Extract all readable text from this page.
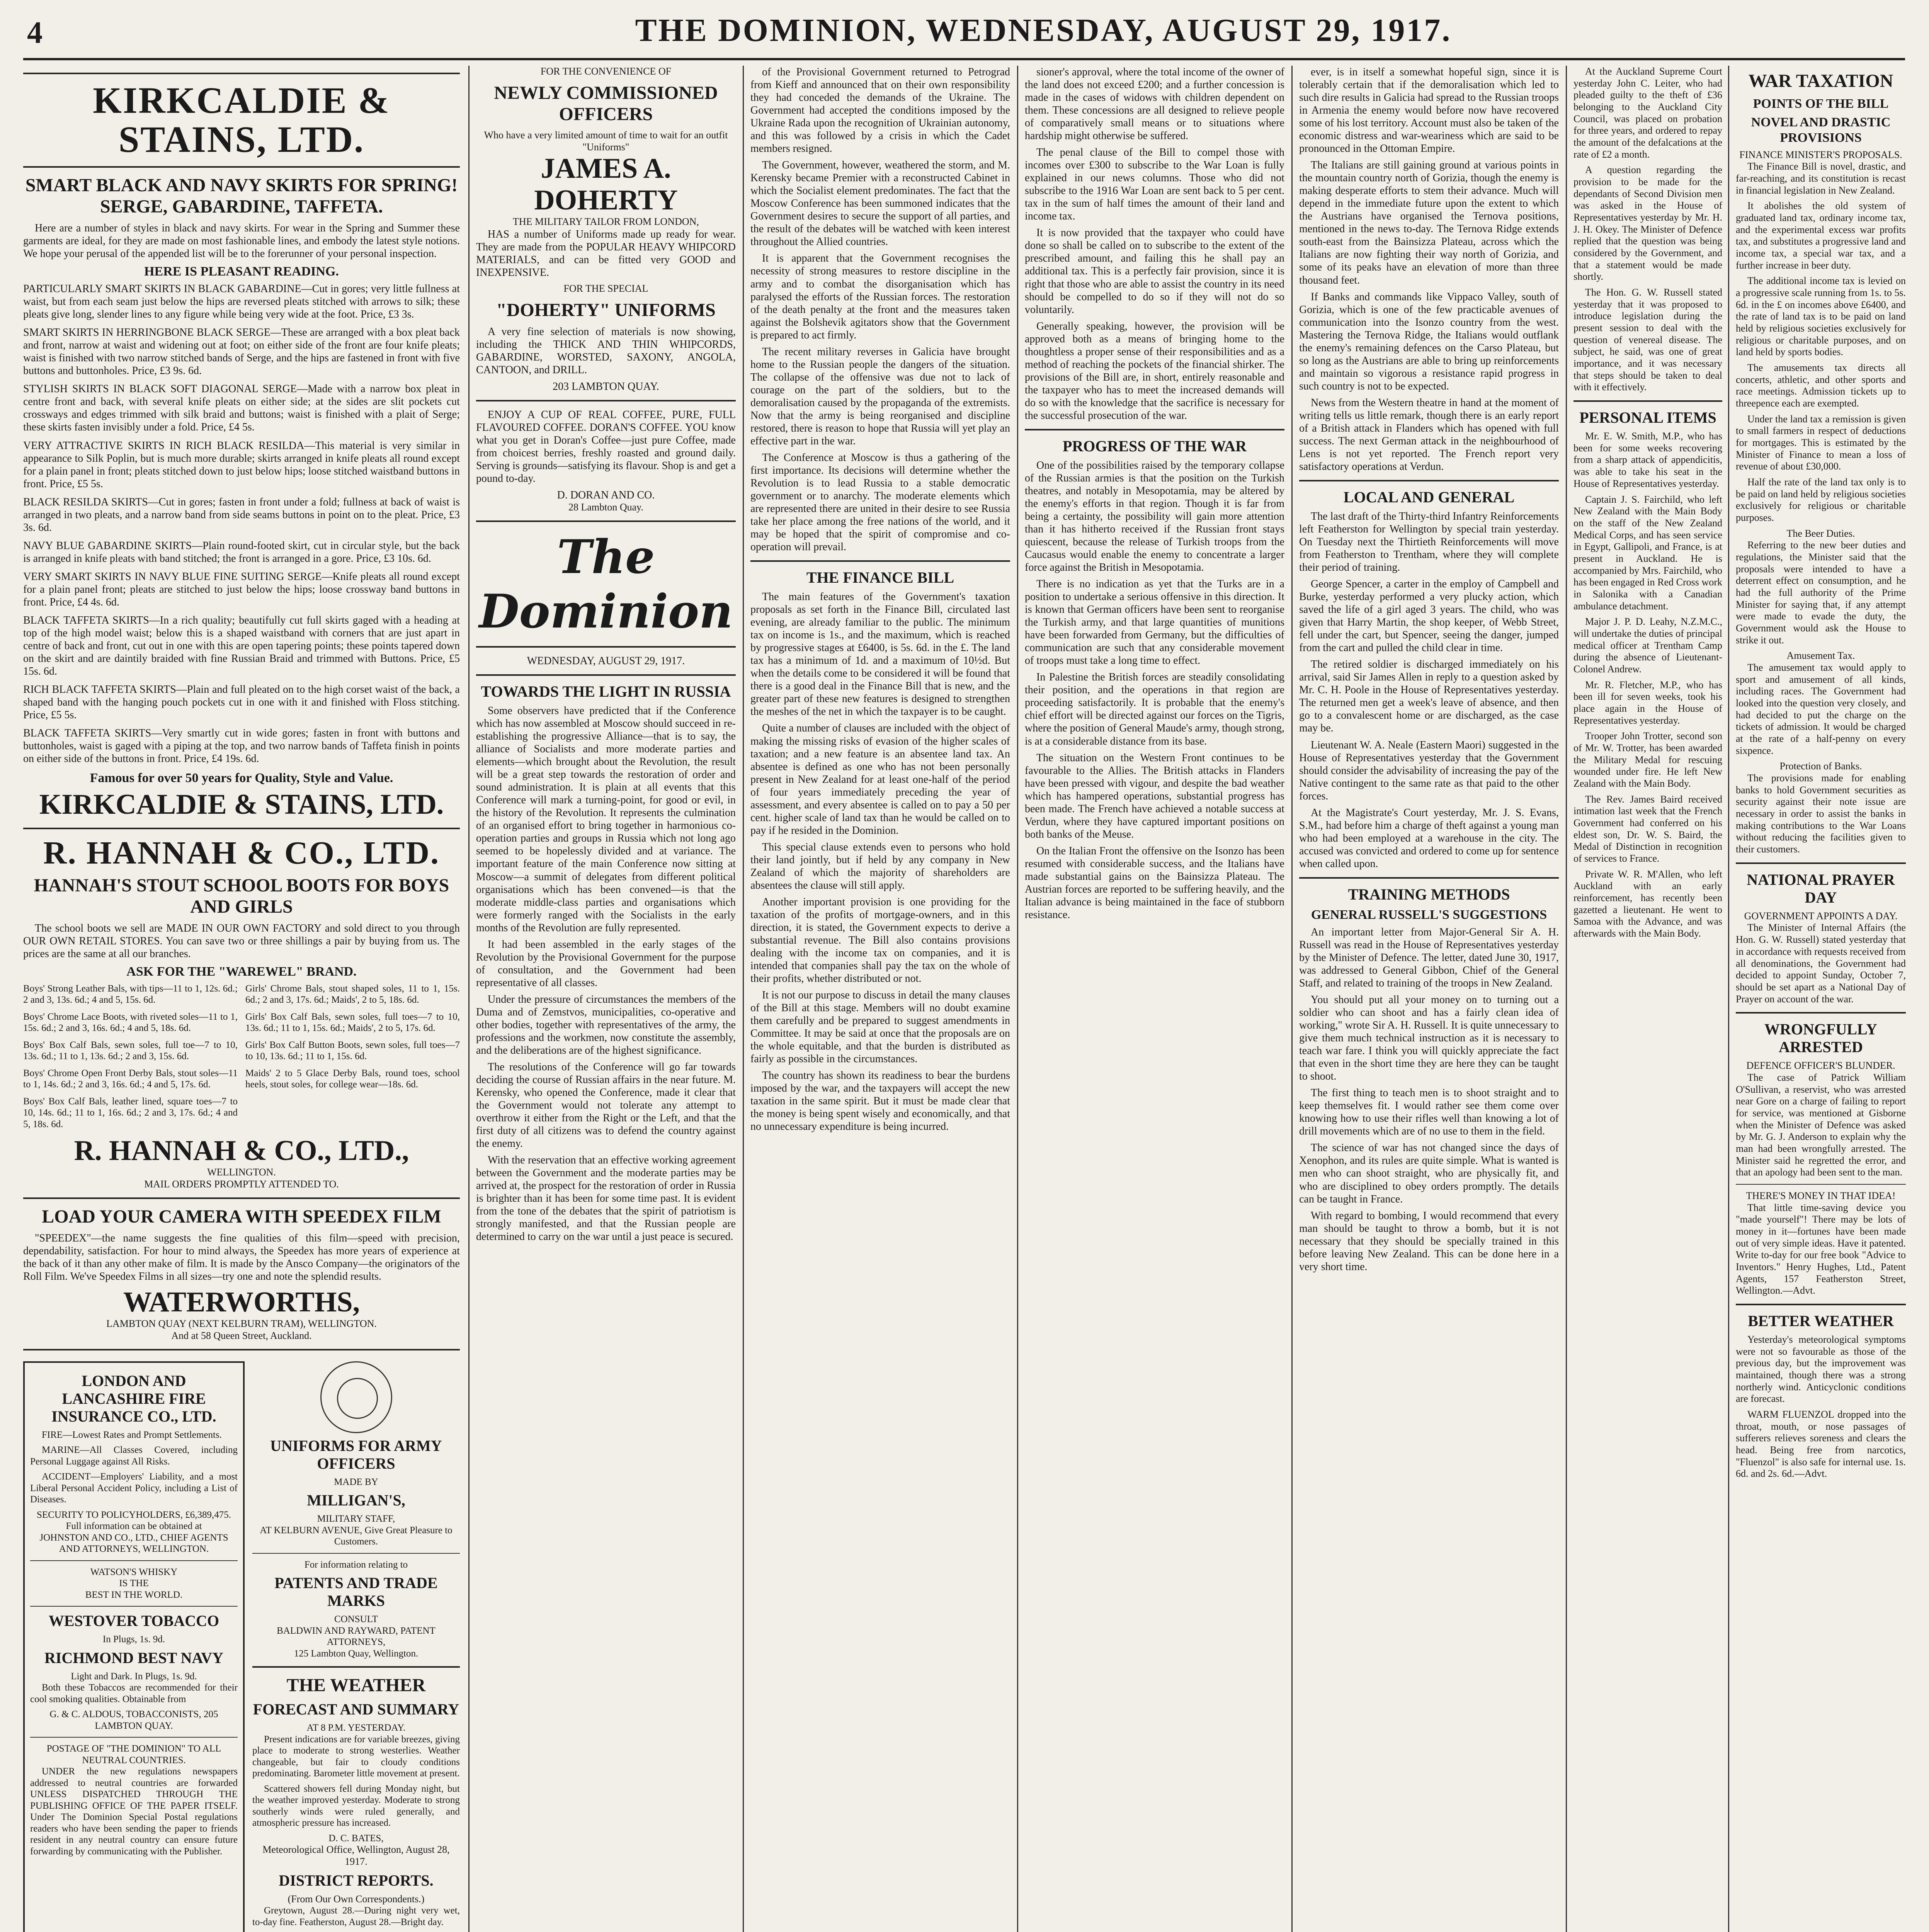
4	THE DOMINION, WEDNESDAY, AUGUST 29, 1917.
KIRKCALDIE & STAINS, LTD.
SMART BLACK AND NAVY SKIRTS FOR SPRING! SERGE, GABARDINE, TAFFETA.

Here are a number of styles in black and navy skirts. For wear in the Spring and Summer these garments are ideal, for they are made on most fashionable lines, and embody the latest style notions. We hope your perusal of the appended list will be to the forerunner of your personal inspection.

HERE IS PLEASANT READING.

PARTICULARLY SMART SKIRTS IN BLACK GABARDINE—Cut in gores; very little fullness at waist, but from each seam just below the hips are reversed pleats stitched with arrows to silk; these pleats give long, slender lines to any figure while being very wide at the foot. Price, £3 3s.

SMART SKIRTS IN HERRINGBONE BLACK SERGE—These are arranged with a box pleat back and front, narrow at waist and widening out at foot; on either side of the front are four knife pleats; waist is finished with two narrow stitched bands of Serge, and the hips are fastened in front with five buttons and buttonholes. Price, £3 9s. 6d.

STYLISH SKIRTS IN BLACK SOFT DIAGONAL SERGE—Made with a narrow box pleat in centre front and back, with several knife pleats on either side; at the sides are slit pockets cut crossways and edges trimmed with silk braid and buttons; waist is finished with a plait of Serge; these skirts fasten invisibly under a fold. Price, £4 5s.

VERY ATTRACTIVE SKIRTS IN RICH BLACK RESILDA—This material is very similar in appearance to Silk Poplin, but is much more durable; skirts arranged in knife pleats all round except for a plain panel in front; pleats stitched down to just below hips; loose stitched waistband buttons in front. Price, £5 5s.

BLACK RESILDA SKIRTS—Cut in gores; fasten in front under a fold; fullness at back of waist is arranged in two pleats, and a narrow band from side seams buttons in point on to the pleat. Price, £3 3s. 6d.

NAVY BLUE GABARDINE SKIRTS—Plain round-footed skirt, cut in circular style, but the back is arranged in knife pleats with band stitched; the front is arranged in a gore. Price, £3 10s. 6d.

VERY SMART SKIRTS IN NAVY BLUE FINE SUITING SERGE—Knife pleats all round except for a plain panel front; pleats are stitched to just below the hips; loose crossway band buttons in front. Price, £4 4s. 6d.

BLACK TAFFETA SKIRTS—In a rich quality; beautifully cut full skirts gaged with a heading at top of the high model waist; below this is a shaped waistband with corners that are just apart in centre of back and front, cut out in one with this are open tapering points; these points tapered down on the skirt and are daintily braided with fine Russian Braid and trimmed with Buttons. Price, £5 15s. 6d.

RICH BLACK TAFFETA SKIRTS—Plain and full pleated on to the high corset waist of the back, a shaped band with the hanging pouch pockets cut in one with it and finished with Floss stitching. Price, £5 5s.

BLACK TAFFETA SKIRTS—Very smartly cut in wide gores; fasten in front with buttons and buttonholes, waist is gaged with a piping at the top, and two narrow bands of Taffeta finish in points on either side of the buttons in front. Price, £4 19s. 6d.

Famous for over 50 years for Quality, Style and Value.
KIRKCALDIE & STAINS, LTD.
R. HANNAH & CO., LTD.
HANNAH'S STOUT SCHOOL BOOTS FOR BOYS AND GIRLS

The school boots we sell are MADE IN OUR OWN FACTORY and sold direct to you through OUR OWN RETAIL STORES. You can save two or three shillings a pair by buying from us. The prices are the same at all our branches.

ASK FOR THE "WAREWEL" BRAND.

Boys' Strong Leather Bals, with tips—11 to 1, 12s. 6d.; 2 and 3, 13s. 6d.; 4 and 5, 15s. 6d.

Boys' Chrome Lace Boots, with riveted soles—11 to 1, 15s. 6d.; 2 and 3, 16s. 6d.; 4 and 5, 18s. 6d.

Boys' Box Calf Bals, sewn soles, full toe—7 to 10, 13s. 6d.; 11 to 1, 13s. 6d.; 2 and 3, 15s. 6d.

Boys' Chrome Open Front Derby Bals, stout soles—11 to 1, 14s. 6d.; 2 and 3, 16s. 6d.; 4 and 5, 17s. 6d.

Boys' Box Calf Bals, leather lined, square toes—7 to 10, 14s. 6d.; 11 to 1, 16s. 6d.; 2 and 3, 17s. 6d.; 4 and 5, 18s. 6d.

Girls' Chrome Bals, stout shaped soles, 11 to 1, 15s. 6d.; 2 and 3, 17s. 6d.; Maids', 2 to 5, 18s. 6d.

Girls' Box Calf Bals, sewn soles, full toes—7 to 10, 13s. 6d.; 11 to 1, 15s. 6d.; Maids', 2 to 5, 17s. 6d.

Girls' Box Calf Button Boots, sewn soles, full toes—7 to 10, 13s. 6d.; 11 to 1, 15s. 6d.

Maids' 2 to 5 Glace Derby Bals, round toes, school heels, stout soles, for college wear—18s. 6d.

R. HANNAH & CO., LTD.,
WELLINGTON.
MAIL ORDERS PROMPTLY ATTENDED TO.
LOAD YOUR CAMERA WITH SPEEDEX FILM

"SPEEDEX"—the name suggests the fine qualities of this film—speed with precision, dependability, satisfaction. For hour to mind always, the Speedex has more years of experience at the back of it than any other make of film. It is made by the Ansco Company—the originators of the Roll Film. We've Speedex Films in all sizes—try one and note the splendid results.

WATERWORTHS,
LAMBTON QUAY (NEXT KELBURN TRAM), WELLINGTON.
And at 58 Queen Street, Auckland.
LONDON AND LANCASHIRE FIRE INSURANCE CO., LTD.

FIRE—Lowest Rates and Prompt Settlements.

MARINE—All Classes Covered, including Personal Luggage against All Risks.

ACCIDENT—Employers' Liability, and a most Liberal Personal Accident Policy, including a List of Diseases.

SECURITY TO POLICYHOLDERS, £6,389,475.
Full information can be obtained at
JOHNSTON AND CO., LTD., CHIEF AGENTS AND ATTORNEYS, WELLINGTON.
WATSON'S WHISKY
IS THE
BEST IN THE WORLD.
WESTOVER TOBACCO
In Plugs, 1s. 9d.
RICHMOND BEST NAVY
Light and Dark. In Plugs, 1s. 9d.

Both these Tobaccos are recommended for their cool smoking qualities. Obtainable from

G. & C. ALDOUS, TOBACCONISTS, 205 LAMBTON QUAY.
POSTAGE OF "THE DOMINION" TO ALL NEUTRAL COUNTRIES.

UNDER the new regulations newspapers addressed to neutral countries are forwarded UNLESS DISPATCHED THROUGH THE PUBLISHING OFFICE OF THE PAPER ITSELF. Under The Dominion Special Postal regulations readers who have been sending the paper to friends resident in any neutral country can ensure future forwarding by communicating with the Publisher.

UNIFORMS FOR ARMY OFFICERS
MADE BY
MILLIGAN'S,
MILITARY STAFF,
AT KELBURN AVENUE, Give Great Pleasure to Customers.
For information relating to
PATENTS AND TRADE MARKS
CONSULT
BALDWIN AND RAYWARD, PATENT ATTORNEYS,
125 Lambton Quay, Wellington.
THE WEATHER
FORECAST AND SUMMARY
AT 8 P.M. YESTERDAY.

Present indications are for variable breezes, giving place to moderate to strong westerlies. Weather changeable, but fair to cloudy conditions predominating. Barometer little movement at present.

Scattered showers fell during Monday night, but the weather improved yesterday. Moderate to strong southerly winds were ruled generally, and atmospheric pressure has increased.

D. C. BATES,
Meteorological Office, Wellington, August 28, 1917.
DISTRICT REPORTS.
(From Our Own Correspondents.)

Greytown, August 28.—During night very wet, to-day fine. Featherston, August 28.—Bright day.

FOR THE CONVENIENCE OF
NEWLY COMMISSIONED OFFICERS
Who have a very limited amount of time to wait for an outfit "Uniforms"
JAMES A. DOHERTY
THE MILITARY TAILOR FROM LONDON,

HAS a number of Uniforms made up ready for wear. They are made from the POPULAR HEAVY WHIPCORD MATERIALS, and can be fitted very GOOD and INEXPENSIVE.

FOR THE SPECIAL
"DOHERTY" UNIFORMS

A very fine selection of materials is now showing, including the THICK AND THIN WHIPCORDS, GABARDINE, WORSTED, SAXONY, ANGOLA, CANTOON, and DRILL.

203 LAMBTON QUAY.

ENJOY A CUP OF REAL COFFEE, PURE, FULL FLAVOURED COFFEE. DORAN'S COFFEE. YOU know what you get in Doran's Coffee—just pure Coffee, made from choicest berries, freshly roasted and ground daily. Serving is grounds—satisfying its flavour. Shop is and get a pound to-day.

D. DORAN AND CO.
28 Lambton Quay.
The Dominion
WEDNESDAY, AUGUST 29, 1917.
TOWARDS THE LIGHT IN RUSSIA

Some observers have predicted that if the Conference which has now assembled at Moscow should succeed in re-establishing the progressive Alliance—that is to say, the alliance of Socialists and more moderate parties and elements—which brought about the Revolution, the result will be a great step towards the restoration of order and sound administration. It is plain at all events that this Conference will mark a turning-point, for good or evil, in the history of the Revolution. It represents the culmination of an organised effort to bring together in harmonious co-operation parties and groups in Russia which not long ago seemed to be hopelessly divided and at variance. The important feature of the main Conference now sitting at Moscow—a summit of delegates from different political organisations which has been convened—is that the moderate middle-class parties and organisations which were formerly ranged with the Socialists in the early months of the Revolution are fully represented.

It had been assembled in the early stages of the Revolution by the Provisional Government for the purpose of consultation, and the Government had been representative of all classes.

Under the pressure of circumstances the members of the Duma and of Zemstvos, municipalities, co-operative and other bodies, together with representatives of the army, the professions and the workmen, now constitute the assembly, and the deliberations are of the highest significance.

The resolutions of the Conference will go far towards deciding the course of Russian affairs in the near future. M. Kerensky, who opened the Conference, made it clear that the Government would not tolerate any attempt to overthrow it either from the Right or the Left, and that the first duty of all citizens was to defend the country against the enemy.

With the reservation that an effective working agreement between the Government and the moderate parties may be arrived at, the prospect for the restoration of order in Russia is brighter than it has been for some time past. It is evident from the tone of the debates that the spirit of patriotism is strongly manifested, and that the Russian people are determined to carry on the war until a just peace is secured.

of the Provisional Government returned to Petrograd from Kieff and announced that on their own responsibility they had conceded the demands of the Ukraine. The Government had accepted the conditions imposed by the Ukraine Rada upon the recognition of Ukrainian autonomy, and this was followed by a crisis in which the Cadet members resigned.

The Government, however, weathered the storm, and M. Kerensky became Premier with a reconstructed Cabinet in which the Socialist element predominates. The fact that the Moscow Conference has been summoned indicates that the Government desires to secure the support of all parties, and the result of the debates will be watched with keen interest throughout the Allied countries.

It is apparent that the Government recognises the necessity of strong measures to restore discipline in the army and to combat the disorganisation which has paralysed the efforts of the Russian forces. The restoration of the death penalty at the front and the measures taken against the Bolshevik agitators show that the Government is prepared to act firmly.

The recent military reverses in Galicia have brought home to the Russian people the dangers of the situation. The collapse of the offensive was due not to lack of courage on the part of the soldiers, but to the demoralisation caused by the propaganda of the extremists. Now that the army is being reorganised and discipline restored, there is reason to hope that Russia will yet play an effective part in the war.

The Conference at Moscow is thus a gathering of the first importance. Its decisions will determine whether the Revolution is to lead Russia to a stable democratic government or to anarchy. The moderate elements which are represented there are united in their desire to see Russia take her place among the free nations of the world, and it may be hoped that the spirit of compromise and co-operation will prevail.

THE FINANCE BILL

The main features of the Government's taxation proposals as set forth in the Finance Bill, circulated last evening, are already familiar to the public. The minimum tax on income is 1s., and the maximum, which is reached by progressive stages at £6400, is 5s. 6d. in the £. The land tax has a minimum of 1d. and a maximum of 10½d. But when the details come to be considered it will be found that there is a good deal in the Finance Bill that is new, and the greater part of these new features is designed to strengthen the meshes of the net in which the taxpayer is to be caught.

Quite a number of clauses are included with the object of making the missing risks of evasion of the higher scales of taxation; and a new feature is an absentee land tax. An absentee is defined as one who has not been personally present in New Zealand for at least one-half of the period of four years immediately preceding the year of assessment, and every absentee is called on to pay a 50 per cent. higher scale of land tax than he would be called on to pay if he resided in the Dominion.

This special clause extends even to persons who hold their land jointly, but if held by any company in New Zealand of which the majority of shareholders are absentees the clause will still apply.

Another important provision is one providing for the taxation of the profits of mortgage-owners, and in this direction, it is stated, the Government expects to derive a substantial revenue. The Bill also contains provisions dealing with the income tax on companies, and it is intended that companies shall pay the tax on the whole of their profits, whether distributed or not.

It is not our purpose to discuss in detail the many clauses of the Bill at this stage. Members will no doubt examine them carefully and be prepared to suggest amendments in Committee. It may be said at once that the proposals are on the whole equitable, and that the burden is distributed as fairly as possible in the circumstances.

The country has shown its readiness to bear the burdens imposed by the war, and the taxpayers will accept the new taxation in the same spirit. But it must be made clear that the money is being spent wisely and economically, and that no unnecessary expenditure is being incurred.

sioner's approval, where the total income of the owner of the land does not exceed £200; and a further concession is made in the cases of widows with children dependent on them. These concessions are all designed to relieve people of comparatively small means or to situations where hardship might otherwise be suffered.

The penal clause of the Bill to compel those with incomes over £300 to subscribe to the War Loan is fully explained in our news columns. Those who did not subscribe to the 1916 War Loan are sent back to 5 per cent. tax in the sum of half times the amount of their land and income tax.

It is now provided that the taxpayer who could have done so shall be called on to subscribe to the extent of the prescribed amount, and failing this he shall pay an additional tax. This is a perfectly fair provision, since it is right that those who are able to assist the country in its need should be compelled to do so if they will not do so voluntarily.

Generally speaking, however, the provision will be approved both as a means of bringing home to the thoughtless a proper sense of their responsibilities and as a method of reaching the pockets of the financial shirker. The provisions of the Bill are, in short, entirely reasonable and the taxpayer who has to meet the increased demands will do so with the knowledge that the sacrifice is necessary for the successful prosecution of the war.

PROGRESS OF THE WAR

One of the possibilities raised by the temporary collapse of the Russian armies is that the position on the Turkish theatres, and notably in Mesopotamia, may be altered by the enemy's efforts in that region. Though it is far from being a certainty, the possibility will gain more attention than it has hitherto received if the Russian front stays quiescent, because the release of Turkish troops from the Caucasus would enable the enemy to concentrate a larger force against the British in Mesopotamia.

There is no indication as yet that the Turks are in a position to undertake a serious offensive in this direction. It is known that German officers have been sent to reorganise the Turkish army, and that large quantities of munitions have been forwarded from Germany, but the difficulties of communication are such that any considerable movement of troops must take a long time to effect.

In Palestine the British forces are steadily consolidating their position, and the operations in that region are proceeding satisfactorily. It is probable that the enemy's chief effort will be directed against our forces on the Tigris, where the position of General Maude's army, though strong, is at a considerable distance from its base.

The situation on the Western Front continues to be favourable to the Allies. The British attacks in Flanders have been pressed with vigour, and despite the bad weather which has hampered operations, substantial progress has been made. The French have achieved a notable success at Verdun, where they have captured important positions on both banks of the Meuse.

On the Italian Front the offensive on the Isonzo has been resumed with considerable success, and the Italians have made substantial gains on the Bainsizza Plateau. The Austrian forces are reported to be suffering heavily, and the Italian advance is being maintained in the face of stubborn resistance.

ever, is in itself a somewhat hopeful sign, since it is tolerably certain that if the demoralisation which led to such dire results in Galicia had spread to the Russian troops in Armenia the enemy would before now have recovered some of his lost territory. Account must also be taken of the economic distress and war-weariness which are said to be pronounced in the Ottoman Empire.

The Italians are still gaining ground at various points in the mountain country north of Gorizia, though the enemy is making desperate efforts to stem their advance. Much will depend in the immediate future upon the extent to which the Austrians have organised the Ternova positions, mentioned in the news to-day. The Ternova Ridge extends south-east from the Bainsizza Plateau, across which the Italians are now fighting their way north of Gorizia, and some of its peaks have an elevation of more than three thousand feet.

If Banks and commands like Vippaco Valley, south of Gorizia, which is one of the few practicable avenues of communication into the Isonzo country from the west. Mastering the Ternova Ridge, the Italians would outflank the enemy's remaining defences on the Carso Plateau, but so long as the Austrians are able to bring up reinforcements and maintain so vigorous a resistance rapid progress in such country is not to be expected.

News from the Western theatre in hand at the moment of writing tells us little remark, though there is an early report of a British attack in Flanders which has opened with full success. The next German attack in the neighbourhood of Lens is not yet reported. The French report very satisfactory operations at Verdun.

LOCAL AND GENERAL

The last draft of the Thirty-third Infantry Reinforcements left Featherston for Wellington by special train yesterday. On Tuesday next the Thirtieth Reinforcements will move from Featherston to Trentham, where they will complete their period of training.

George Spencer, a carter in the employ of Campbell and Burke, yesterday performed a very plucky action, which saved the life of a girl aged 3 years. The child, who was given that Harry Martin, the shop keeper, of Webb Street, fell under the cart, but Spencer, seeing the danger, jumped from the cart and pulled the child clear in time.

The retired soldier is discharged immediately on his arrival, said Sir James Allen in reply to a question asked by Mr. C. H. Poole in the House of Representatives yesterday. The returned men get a week's leave of absence, and then go to a convalescent home or are discharged, as the case may be.

Lieutenant W. A. Neale (Eastern Maori) suggested in the House of Representatives yesterday that the Government should consider the advisability of increasing the pay of the Native contingent to the same rate as that paid to the other forces.

At the Magistrate's Court yesterday, Mr. J. S. Evans, S.M., had before him a charge of theft against a young man who had been employed at a warehouse in the city. The accused was convicted and ordered to come up for sentence when called upon.

TRAINING METHODS
GENERAL RUSSELL'S SUGGESTIONS

An important letter from Major-General Sir A. H. Russell was read in the House of Representatives yesterday by the Minister of Defence. The letter, dated June 30, 1917, was addressed to General Gibbon, Chief of the General Staff, and related to training of the troops in New Zealand.

You should put all your money on to turning out a soldier who can shoot and has a fairly clean idea of working," wrote Sir A. H. Russell. It is quite unnecessary to give them much technical instruction as it is necessary to teach war fare. I think you will quickly appreciate the fact that even in the short time they are here they can be taught to shoot.

The first thing to teach men is to shoot straight and to keep themselves fit. I would rather see them come over knowing how to use their rifles well than knowing a lot of drill movements which are of no use to them in the field.

The science of war has not changed since the days of Xenophon, and its rules are quite simple. What is wanted is men who can shoot straight, who are physically fit, and who are disciplined to obey orders promptly. The details can be taught in France.

With regard to bombing, I would recommend that every man should be taught to throw a bomb, but it is not necessary that they should be specially trained in this before leaving New Zealand. This can be done here in a very short time.

At the Auckland Supreme Court yesterday John C. Leiter, who had pleaded guilty to the theft of £36 belonging to the Auckland City Council, was placed on probation for three years, and ordered to repay the amount of the defalcations at the rate of £2 a month.

A question regarding the provision to be made for the dependants of Second Division men was asked in the House of Representatives yesterday by Mr. H. J. H. Okey. The Minister of Defence replied that the question was being considered by the Government, and that a statement would be made shortly.

The Hon. G. W. Russell stated yesterday that it was proposed to introduce legislation during the present session to deal with the question of venereal disease. The subject, he said, was one of great importance, and it was necessary that steps should be taken to deal with it effectively.

PERSONAL ITEMS

Mr. E. W. Smith, M.P., who has been for some weeks recovering from a sharp attack of appendicitis, was able to take his seat in the House of Representatives yesterday.

Captain J. S. Fairchild, who left New Zealand with the Main Body on the staff of the New Zealand Medical Corps, and has seen service in Egypt, Gallipoli, and France, is at present in Auckland. He is accompanied by Mrs. Fairchild, who has been engaged in Red Cross work in Salonika with a Canadian ambulance detachment.

Major J. P. D. Leahy, N.Z.M.C., will undertake the duties of principal medical officer at Trentham Camp during the absence of Lieutenant-Colonel Andrew.

Mr. R. Fletcher, M.P., who has been ill for seven weeks, took his place again in the House of Representatives yesterday.

Trooper John Trotter, second son of Mr. W. Trotter, has been awarded the Military Medal for rescuing wounded under fire. He left New Zealand with the Main Body.

The Rev. James Baird received intimation last week that the French Government had conferred on his eldest son, Dr. W. S. Baird, the Medal of Distinction in recognition of services to France.

Private W. R. M'Allen, who left Auckland with an early reinforcement, has recently been gazetted a lieutenant. He went to Samoa with the Advance, and was afterwards with the Main Body.

WAR TAXATION
POINTS OF THE BILL
NOVEL AND DRASTIC PROVISIONS
FINANCE MINISTER'S PROPOSALS.

The Finance Bill is novel, drastic, and far-reaching, and its constitution is recast in financial legislation in New Zealand.

It abolishes the old system of graduated land tax, ordinary income tax, and the experimental excess war profits tax, and substitutes a progressive land and income tax, a special war tax, and a further increase in beer duty.

The additional income tax is levied on a progressive scale running from 1s. to 5s. 6d. in the £ on incomes above £6400, and the rate of land tax is to be paid on land held by religious societies exclusively for religious or charitable purposes, and on land held by sports bodies.

The amusements tax directs all concerts, athletic, and other sports and race meetings. Admission tickets up to threepence each are exempted.

Under the land tax a remission is given to small farmers in respect of deductions for mortgages. This is estimated by the Minister of Finance to mean a loss of revenue of about £30,000.

Half the rate of the land tax only is to be paid on land held by religious societies exclusively for religious or charitable purposes.

The Beer Duties.

Referring to the new beer duties and regulations, the Minister said that the proposals were intended to have a deterrent effect on consumption, and he had the full authority of the Prime Minister for saying that, if any attempt were made to evade the duty, the Government would ask the House to strike it out.

Amusement Tax.

The amusement tax would apply to sport and amusement of all kinds, including races. The Government had looked into the question very closely, and had decided to put the charge on the tickets of admission. It would be charged at the rate of a half-penny on every sixpence.

Protection of Banks.

The provisions made for enabling banks to hold Government securities as security against their note issue are necessary in order to assist the banks in making contributions to the War Loans without reducing the facilities given to their customers.

NATIONAL PRAYER DAY
GOVERNMENT APPOINTS A DAY.

The Minister of Internal Affairs (the Hon. G. W. Russell) stated yesterday that in accordance with requests received from all denominations, the Government had decided to appoint Sunday, October 7, should be set apart as a National Day of Prayer on account of the war.

WRONGFULLY ARRESTED
DEFENCE OFFICER'S BLUNDER.

The case of Patrick William O'Sullivan, a reservist, who was arrested near Gore on a charge of failing to report for service, was mentioned at Gisborne when the Minister of Defence was asked by Mr. G. J. Anderson to explain why the man had been wrongfully arrested. The Minister said he regretted the error, and that an apology had been sent to the man.

THERE'S MONEY IN THAT IDEA!

That little time-saving device you "made yourself"! There may be lots of money in it—fortunes have been made out of very simple ideas. Have it patented. Write to-day for our free book "Advice to Inventors." Henry Hughes, Ltd., Patent Agents, 157 Featherston Street, Wellington.—Advt.

BETTER WEATHER

Yesterday's meteorological symptoms were not so favourable as those of the previous day, but the improvement was maintained, though there was a strong northerly wind. Anticyclonic conditions are forecast.

WARM FLUENZOL dropped into the throat, mouth, or nose passages of sufferers relieves soreness and clears the head. Being free from narcotics, "Fluenzol" is also safe for internal use. 1s. 6d. and 2s. 6d.—Advt.
